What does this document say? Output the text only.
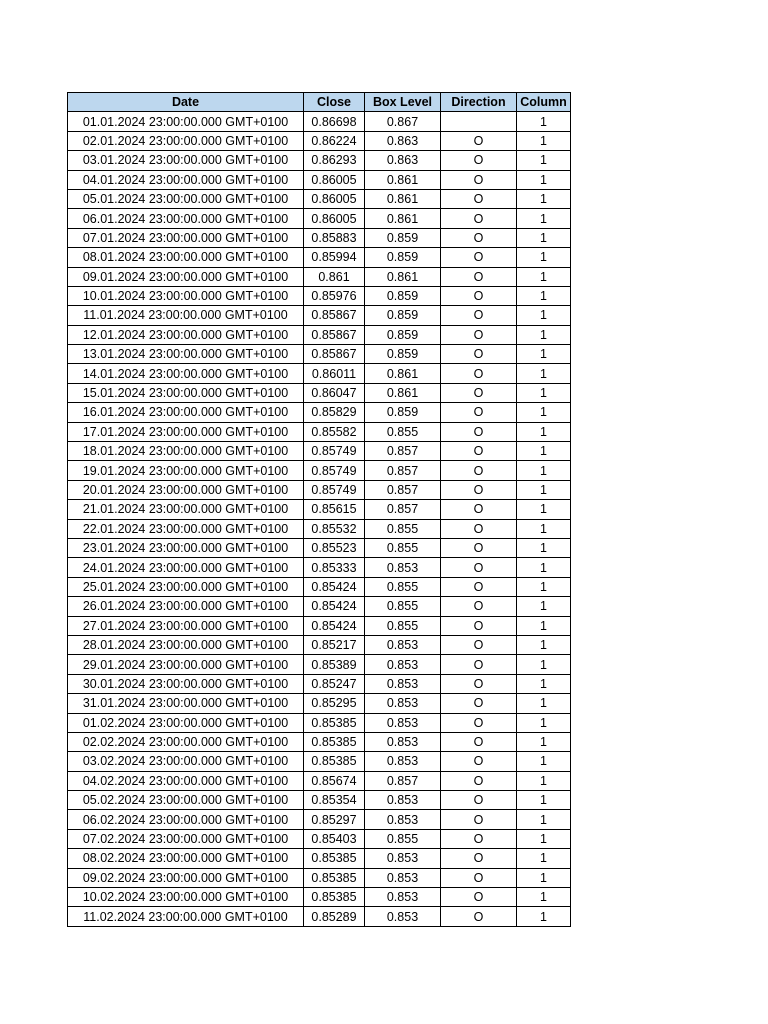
Date	Close	Box Level	Direction	Column
01.01.2024 23:00:00.000 GMT+0100	0.86698	0.867		1
02.01.2024 23:00:00.000 GMT+0100	0.86224	0.863	O	1
03.01.2024 23:00:00.000 GMT+0100	0.86293	0.863	O	1
04.01.2024 23:00:00.000 GMT+0100	0.86005	0.861	O	1
05.01.2024 23:00:00.000 GMT+0100	0.86005	0.861	O	1
06.01.2024 23:00:00.000 GMT+0100	0.86005	0.861	O	1
07.01.2024 23:00:00.000 GMT+0100	0.85883	0.859	O	1
08.01.2024 23:00:00.000 GMT+0100	0.85994	0.859	O	1
09.01.2024 23:00:00.000 GMT+0100	0.861	0.861	O	1
10.01.2024 23:00:00.000 GMT+0100	0.85976	0.859	O	1
11.01.2024 23:00:00.000 GMT+0100	0.85867	0.859	O	1
12.01.2024 23:00:00.000 GMT+0100	0.85867	0.859	O	1
13.01.2024 23:00:00.000 GMT+0100	0.85867	0.859	O	1
14.01.2024 23:00:00.000 GMT+0100	0.86011	0.861	O	1
15.01.2024 23:00:00.000 GMT+0100	0.86047	0.861	O	1
16.01.2024 23:00:00.000 GMT+0100	0.85829	0.859	O	1
17.01.2024 23:00:00.000 GMT+0100	0.85582	0.855	O	1
18.01.2024 23:00:00.000 GMT+0100	0.85749	0.857	O	1
19.01.2024 23:00:00.000 GMT+0100	0.85749	0.857	O	1
20.01.2024 23:00:00.000 GMT+0100	0.85749	0.857	O	1
21.01.2024 23:00:00.000 GMT+0100	0.85615	0.857	O	1
22.01.2024 23:00:00.000 GMT+0100	0.85532	0.855	O	1
23.01.2024 23:00:00.000 GMT+0100	0.85523	0.855	O	1
24.01.2024 23:00:00.000 GMT+0100	0.85333	0.853	O	1
25.01.2024 23:00:00.000 GMT+0100	0.85424	0.855	O	1
26.01.2024 23:00:00.000 GMT+0100	0.85424	0.855	O	1
27.01.2024 23:00:00.000 GMT+0100	0.85424	0.855	O	1
28.01.2024 23:00:00.000 GMT+0100	0.85217	0.853	O	1
29.01.2024 23:00:00.000 GMT+0100	0.85389	0.853	O	1
30.01.2024 23:00:00.000 GMT+0100	0.85247	0.853	O	1
31.01.2024 23:00:00.000 GMT+0100	0.85295	0.853	O	1
01.02.2024 23:00:00.000 GMT+0100	0.85385	0.853	O	1
02.02.2024 23:00:00.000 GMT+0100	0.85385	0.853	O	1
03.02.2024 23:00:00.000 GMT+0100	0.85385	0.853	O	1
04.02.2024 23:00:00.000 GMT+0100	0.85674	0.857	O	1
05.02.2024 23:00:00.000 GMT+0100	0.85354	0.853	O	1
06.02.2024 23:00:00.000 GMT+0100	0.85297	0.853	O	1
07.02.2024 23:00:00.000 GMT+0100	0.85403	0.855	O	1
08.02.2024 23:00:00.000 GMT+0100	0.85385	0.853	O	1
09.02.2024 23:00:00.000 GMT+0100	0.85385	0.853	O	1
10.02.2024 23:00:00.000 GMT+0100	0.85385	0.853	O	1
11.02.2024 23:00:00.000 GMT+0100	0.85289	0.853	O	1
